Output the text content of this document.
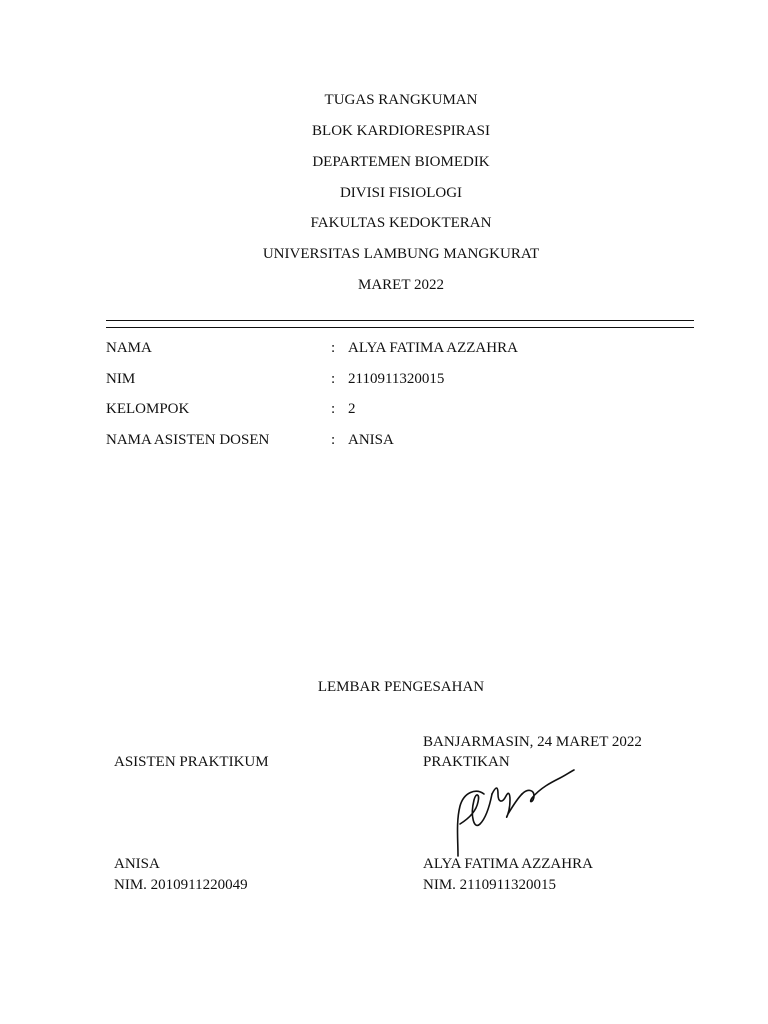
TUGAS RANGKUMAN
BLOK KARDIORESPIRASI
DEPARTEMEN BIOMEDIK
DIVISI FISIOLOGI
FAKULTAS KEDOKTERAN
UNIVERSITAS LAMBUNG MANGKURAT
MARET 2022
NAMA	: ALYA FATIMA AZZAHRA
NIM	: 2110911320015
KELOMPOK	: 2
NAMA ASISTEN DOSEN	: ANISA
LEMBAR PENGESAHAN
BANJARMASIN, 24 MARET 2022
ASISTEN PRAKTIKUM	PRAKTIKAN
ANISA	ALYA FATIMA AZZAHRA
NIM. 2010911220049	NIM. 2110911320015
